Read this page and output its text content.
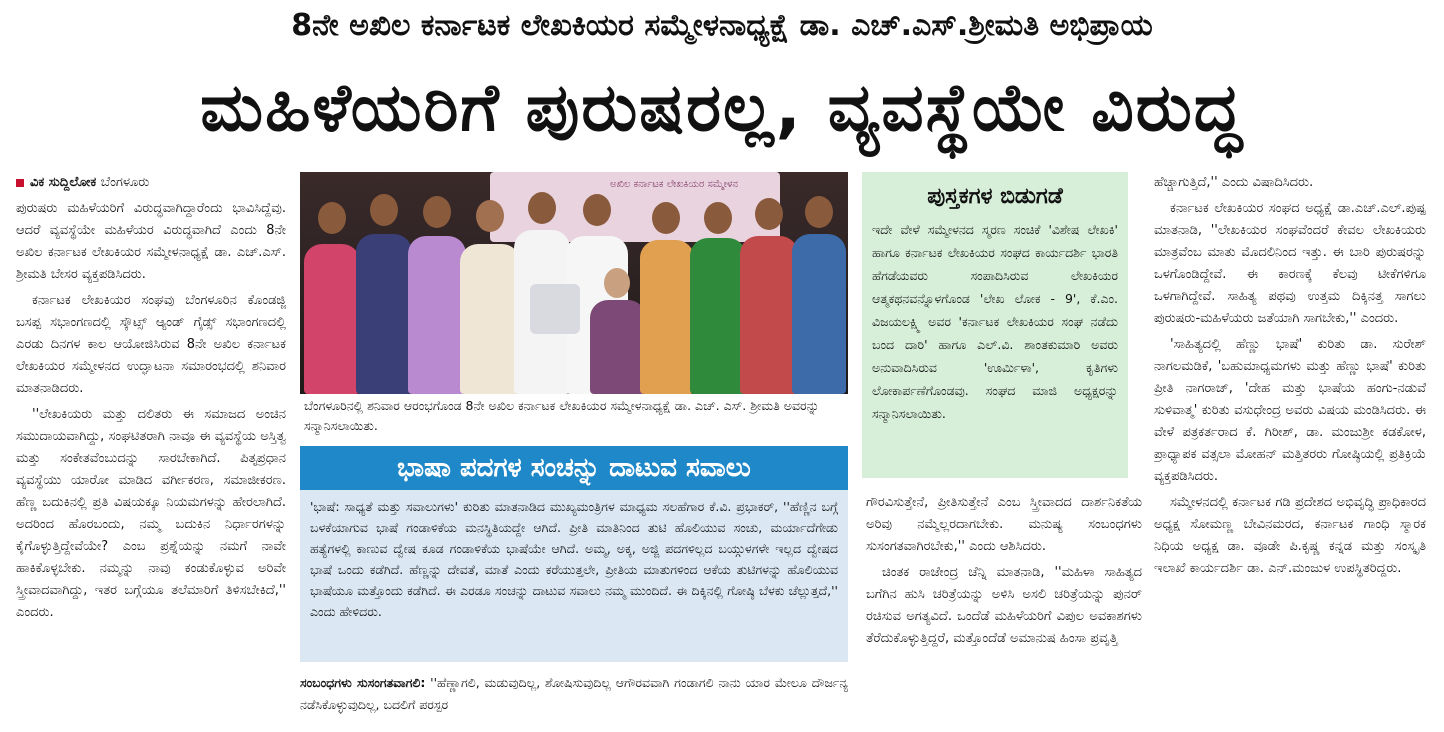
8ನೇ ಅಖಿಲ ಕರ್ನಾಟಕ ಲೇಖಕಿಯರ ಸಮ್ಮೇಳನಾಧ್ಯಕ್ಷೆ ಡಾ. ಎಚ್.ಎಸ್.ಶ್ರೀಮತಿ ಅಭಿಪ್ರಾಯ
ಮಹಿಳೆಯರಿಗೆ ಪುರುಷರಲ್ಲ, ವ್ಯವಸ್ಥೆಯೇ ವಿರುದ್ಧ

ವಿಕ ಸುದ್ದಿಲೋಕ ಬೆಂಗಳೂರು

ಪುರುಷರು ಮಹಿಳೆಯರಿಗೆ ವಿರುದ್ಧವಾಗಿದ್ದಾರೆಂದು ಭಾವಿಸಿದ್ದೆವು. ಆದರೆ ವ್ಯವಸ್ಥೆಯೇ ಮಹಿಳೆಯರ ವಿರುದ್ಧವಾಗಿದೆ ಎಂದು 8ನೇ ಅಖಿಲ ಕರ್ನಾಟಕ ಲೇಖಕಿಯರ ಸಮ್ಮೇಳನಾಧ್ಯಕ್ಷೆ ಡಾ. ಎಚ್.ಎಸ್. ಶ್ರೀಮತಿ ಬೇಸರ ವ್ಯಕ್ತಪಡಿಸಿದರು.

ಕರ್ನಾಟಕ ಲೇಖಕಿಯರ ಸಂಘವು ಬೆಂಗಳೂರಿನ ಕೊಂಡಜ್ಜಿ ಬಸಪ್ಪ ಸಭಾಂಗಣದಲ್ಲಿ ಸ್ಕೌಟ್ಸ್ ಆ್ಯಂಡ್ ಗೈಡ್ಸ್ ಸಭಾಂಗಣದಲ್ಲಿ ಎರಡು ದಿನಗಳ ಕಾಲ ಆಯೋಜಿಸಿರುವ 8ನೇ ಅಖಿಲ ಕರ್ನಾಟಕ ಲೇಖಕಿಯರ ಸಮ್ಮೇಳನದ ಉದ್ಘಾಟನಾ ಸಮಾರಂಭದಲ್ಲಿ ಶನಿವಾರ ಮಾತನಾಡಿದರು.

''ಲೇಖಕಿಯರು ಮತ್ತು ದಲಿತರು ಈ ಸಮಾಜದ ಅಂಚಿನ ಸಮುದಾಯವಾಗಿದ್ದು, ಸಂಘಟಿತರಾಗಿ ನಾವೂ ಈ ವ್ಯವಸ್ಥೆಯ ಅಸ್ತಿತ್ವ ಮತ್ತು ಸಂಕೇತವೆಂಬುದನ್ನು ಸಾರಬೇಕಾಗಿದೆ. ಪಿತೃಪ್ರಧಾನ ವ್ಯವಸ್ಥೆಯು ಯಾರೋ ಮಾಡಿದ ವರ್ಗೀಕರಣ, ಸಮಾಜೀಕರಣ. ಹೆಣ್ಣ ಬದುಕಿನಲ್ಲಿ ಪ್ರತಿ ವಿಷಯಕ್ಕೂ ನಿಯಮಗಳನ್ನು ಹೇರಲಾಗಿದೆ. ಅದರಿಂದ ಹೊರಬಂದು, ನಮ್ಮ ಬದುಕಿನ ನಿರ್ಧಾರಗಳನ್ನು ಕೈಗೊಳ್ಳುತ್ತಿದ್ದೇವೆಯೇ? ಎಂಬ ಪ್ರಶ್ನೆಯನ್ನು ನಮಗೆ ನಾವೇ ಹಾಕಿಕೊಳ್ಳಬೇಕು. ನಮ್ಮನ್ನು ನಾವು ಕಂಡುಕೊಳ್ಳುವ ಅರಿವೇ ಸ್ತ್ರೀವಾದವಾಗಿದ್ದು, ಇತರ ಬಗ್ಗೆಯೂ ತಲೆಮಾರಿಗೆ ತಿಳಿಸಬೇಕಿದೆ,'' ಎಂದರು.

ಅಖಿಲ ಕರ್ನಾಟಕ ಲೇಖಕಿಯರ ಸಮ್ಮೇಳನ
ಬೆಂಗಳೂರಿನಲ್ಲಿ ಶನಿವಾರ ಆರಂಭಗೊಂಡ 8ನೇ ಅಖಿಲ ಕರ್ನಾಟಕ ಲೇಖಕಿಯರ ಸಮ್ಮೇಳನಾಧ್ಯಕ್ಷೆ ಡಾ. ಎಚ್. ಎಸ್. ಶ್ರೀಮತಿ ಅವರನ್ನು ಸನ್ಮಾನಿಸಲಾಯಿತು.
ಭಾಷಾ ಪದಗಳ ಸಂಚನ್ನು ದಾಟುವ ಸವಾಲು

'ಭಾಷೆ: ಸಾಧ್ಯತೆ ಮತ್ತು ಸವಾಲುಗಳು' ಕುರಿತು ಮಾತನಾಡಿದ ಮುಖ್ಯಮಂತ್ರಿಗಳ ಮಾಧ್ಯಮ ಸಲಹೆಗಾರ ಕೆ.ವಿ. ಪ್ರಭಾಕರ್, ''ಹೆಣ್ಣಿನ ಬಗ್ಗೆ ಬಳಕೆಯಾಗುವ ಭಾಷೆ ಗಂಡಾಳಿಕೆಯ ಮನಸ್ಥಿತಿಯದ್ದೇ ಆಗಿದೆ. ಪ್ರೀತಿ ಮಾತಿನಿಂದ ತುಟಿ ಹೊಲಿಯುವ ಸಂಚು, ಮರ್ಯಾದೆಗೇಡು ಹತ್ಯೆಗಳಲ್ಲಿ ಕಾಣುವ ದ್ವೇಷ ಕೂಡ ಗಂಡಾಳಿಕೆಯ ಭಾಷೆಯೇ ಆಗಿದೆ. ಅಮ್ಮ, ಅಕ್ಕ, ಅಜ್ಜಿ ಪದಗಳಿಲ್ಲದ ಬಯ್ಗುಳಗಳೇ ಇಲ್ಲದ ದ್ವೇಷದ ಭಾಷೆ ಒಂದು ಕಡೆಗಿದೆ. ಹೆಣ್ಣನ್ನು ದೇವತೆ, ಮಾತೆ ಎಂದು ಕರೆಯುತ್ತಲೇ, ಪ್ರೀತಿಯ ಮಾತುಗಳಿಂದ ಆಕೆಯ ತುಟಿಗಳನ್ನು ಹೊಲಿಯುವ ಭಾಷೆಯೂ ಮತ್ತೊಂದು ಕಡೆಗಿದೆ. ಈ ಎರಡೂ ಸಂಚನ್ನು ದಾಟುವ ಸವಾಲು ನಮ್ಮ ಮುಂದಿದೆ. ಈ ದಿಕ್ಕಿನಲ್ಲಿ ಗೋಷ್ಠಿ ಬೆಳಕು ಚೆಲ್ಲುತ್ತದೆ,'' ಎಂದು ಹೇಳಿದರು.

ಸಂಬಂಧಗಳು ಸುಸಂಗತವಾಗಲಿ: ''ಹೆಣ್ಣಾಗಲಿ, ಮಡುವುದಿಲ್ಲ, ಶೋಷಿಸುವುದಿಲ್ಲ ಆಗೌರವವಾಗಿ ಗಂಡಾಗಲಿ ನಾನು ಯಾರ ಮೇಲೂ ದೌರ್ಜನ್ಯ ನಡೆಸಿಕೊಳ್ಳುವುದಿಲ್ಲ, ಬದಲಿಗೆ ಪರಸ್ಪರ
ಪುಸ್ತಕಗಳ ಬಿಡುಗಡೆ
ಇದೇ ವೇಳೆ ಸಮ್ಮೇಳನದ ಸ್ಮರಣ ಸಂಚಿಕೆ 'ವಿಶೇಷ ಲೇಖಕಿ' ಹಾಗೂ ಕರ್ನಾಟಕ ಲೇಖಕಿಯರ ಸಂಘದ ಕಾರ್ಯದರ್ಶಿ ಭಾರತಿ ಹೆಗಡೆಯವರು ಸಂಪಾದಿಸಿರುವ ಲೇಖಕಿಯರ ಆತ್ಮಕಥನವನ್ನೊಳಗೊಂಡ 'ಲೇಖ ಲೋಕ - 9', ಕೆ.ಎಂ. ವಿಜಯಲಕ್ಷ್ಮಿ ಅವರ 'ಕರ್ನಾಟಕ ಲೇಖಕಿಯರ ಸಂಘ ನಡೆದು ಬಂದ ದಾರಿ' ಹಾಗೂ ಎಲ್.ವಿ. ಶಾಂತಕುಮಾರಿ ಅವರು ಅನುವಾದಿಸಿರುವ 'ಊರ್ಮಿಳಾ', ಕೃತಿಗಳು ಲೋಕಾರ್ಪಣೆಗೊಂಡವು. ಸಂಘದ ಮಾಜಿ ಅಧ್ಯಕ್ಷರನ್ನು ಸನ್ಮಾನಿಸಲಾಯಿತು.

ಗೌರವಿಸುತ್ತೇನೆ, ಪ್ರೀತಿಸುತ್ತೇನೆ ಎಂಬ ಸ್ತ್ರೀವಾದದ ದಾರ್ಶನಿಕತೆಯ ಅರಿವು ನಮ್ಮೆಲ್ಲರದಾಗಬೇಕು. ಮನುಷ್ಯ ಸಂಬಂಧಗಳು ಸುಸಂಗತವಾಗಿರಬೇಕು,'' ಎಂದು ಆಶಿಸಿದರು.

ಚಿಂತಕ ರಾಜೇಂದ್ರ ಚೆನ್ನಿ ಮಾತನಾಡಿ, ''ಮಹಿಳಾ ಸಾಹಿತ್ಯದ ಬಗೆಗಿನ ಹುಸಿ ಚರಿತ್ರೆಯನ್ನು ಅಳಿಸಿ ಅಸಲಿ ಚರಿತ್ರೆಯನ್ನು ಪುನರ್ ರಚಿಸುವ ಅಗತ್ಯವಿದೆ. ಒಂದೆಡೆ ಮಹಿಳೆಯರಿಗೆ ವಿಪುಲ ಅವಕಾಶಗಳು ತೆರೆದುಕೊಳ್ಳುತ್ತಿದ್ದರೆ, ಮತ್ತೊಂದೆಡೆ ಅಮಾನುಷ ಹಿಂಸಾ ಪ್ರವೃತ್ತಿ

ಹೆಚ್ಚಾಗುತ್ತಿದೆ,'' ಎಂದು ವಿಷಾದಿಸಿದರು.

ಕರ್ನಾಟಕ ಲೇಖಕಿಯರ ಸಂಘದ ಅಧ್ಯಕ್ಷೆ ಡಾ.ಎಚ್.ಎಲ್.ಪುಷ್ಪ ಮಾತನಾಡಿ, ''ಲೇಖಕಿಯರ ಸಂಘವೆಂದರೆ ಕೇವಲ ಲೇಖಕಿಯರು ಮಾತ್ರವೆಂಬ ಮಾತು ಮೊದಲಿನಿಂದ ಇತ್ತು. ಈ ಬಾರಿ ಪುರುಷರನ್ನು ಒಳಗೊಂಡಿದ್ದೇವೆ. ಈ ಕಾರಣಕ್ಕೆ ಕೆಲವು ಟೀಕೆಗಳಿಗೂ ಒಳಗಾಗಿದ್ದೇವೆ. ಸಾಹಿತ್ಯ ಪಥವು ಉತ್ತಮ ದಿಕ್ಕಿನತ್ತ ಸಾಗಲು ಪುರುಷರು-ಮಹಿಳೆಯರು ಜತೆಯಾಗಿ ಸಾಗಬೇಕು,'' ಎಂದರು.

'ಸಾಹಿತ್ಯದಲ್ಲಿ ಹೆಣ್ಣು ಭಾಷೆ' ಕುರಿತು ಡಾ. ಸುರೇಶ್ ನಾಗಲಮಡಿಕೆ, 'ಬಹುಮಾಧ್ಯಮಗಳು ಮತ್ತು ಹೆಣ್ಣು ಭಾಷೆ' ಕುರಿತು ಪ್ರೀತಿ ನಾಗರಾಜ್, 'ದೇಹ ಮತ್ತು ಭಾಷೆಯ ಹಂಗು-ನಡುವೆ ಸುಳಿವಾತ್ಮ' ಕುರಿತು ವಸುಧೇಂದ್ರ ಅವರು ವಿಷಯ ಮಂಡಿಸಿದರು. ಈ ವೇಳೆ ಪತ್ರಕರ್ತರಾದ ಕೆ. ಗಿರೀಶ್, ಡಾ. ಮಂಜುಶ್ರೀ ಕಡಕೋಳ, ಪ್ರಾಧ್ಯಾಪಕ ವತ್ಸಲಾ ಮೋಹನ್ ಮತ್ತಿತರರು ಗೋಷ್ಠಿಯಲ್ಲಿ ಪ್ರತಿಕ್ರಿಯೆ ವ್ಯಕ್ತಪಡಿಸಿದರು.

ಸಮ್ಮೇಳನದಲ್ಲಿ ಕರ್ನಾಟಕ ಗಡಿ ಪ್ರದೇಶದ ಅಭಿವೃದ್ಧಿ ಪ್ರಾಧಿಕಾರದ ಅಧ್ಯಕ್ಷ ಸೋಮಣ್ಣ ಬೇವಿನಮರದ, ಕರ್ನಾಟಕ ಗಾಂಧಿ ಸ್ಮಾರಕ ನಿಧಿಯ ಅಧ್ಯಕ್ಷ ಡಾ. ವೂಡೇ ಪಿ.ಕೃಷ್ಣ ಕನ್ನಡ ಮತ್ತು ಸಂಸ್ಕೃತಿ ಇಲಾಖೆ ಕಾರ್ಯದರ್ಶಿ ಡಾ. ಎನ್.ಮಂಜುಳ ಉಪಸ್ಥಿತರಿದ್ದರು.
